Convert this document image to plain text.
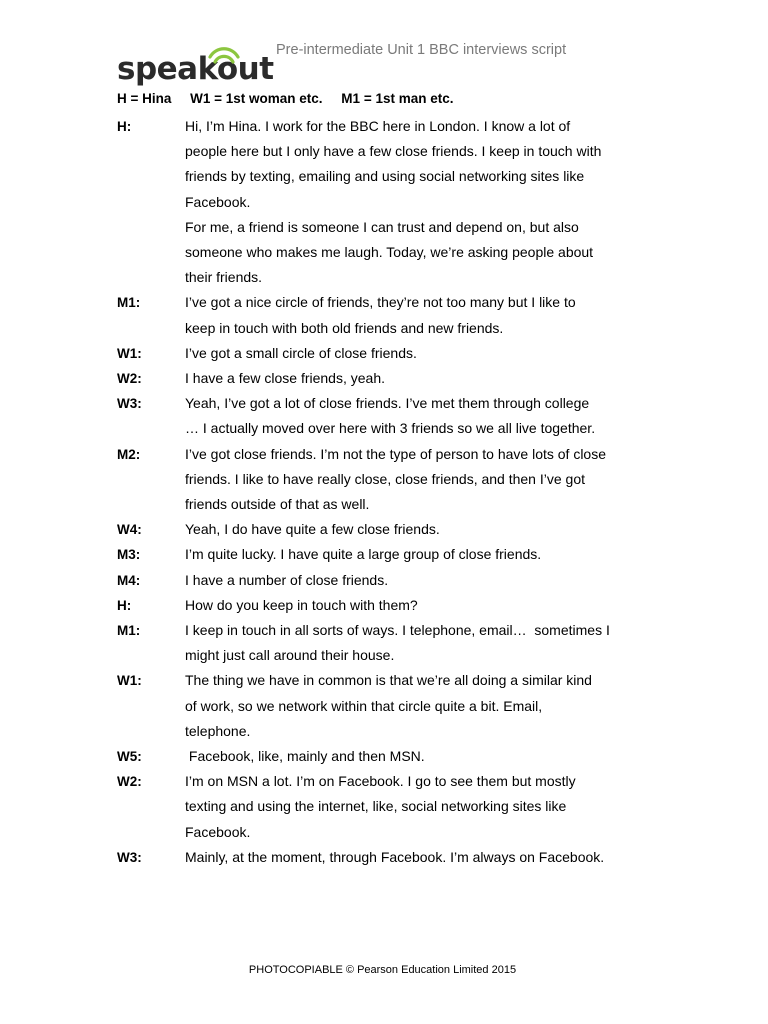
speakout
Pre-intermediate Unit 1 BBC interviews script
H = Hina     W1 = 1st woman etc.     M1 = 1st man etc.
H:	Hi, I’m Hina. I work for the BBC here in London. I know a lot of
people here but I only have a few close friends. I keep in touch with
friends by texting, emailing and using social networking sites like
Facebook.
For me, a friend is someone I can trust and depend on, but also
someone who makes me laugh. Today, we’re asking people about
their friends.
M1:	I’ve got a nice circle of friends, they’re not too many but I like to
keep in touch with both old friends and new friends.
W1:	I’ve got a small circle of close friends.
W2:	I have a few close friends, yeah.
W3:	Yeah, I’ve got a lot of close friends. I’ve met them through college
… I actually moved over here with 3 friends so we all live together.
M2:	I’ve got close friends. I’m not the type of person to have lots of close
friends. I like to have really close, close friends, and then I’ve got
friends outside of that as well.
W4:	Yeah, I do have quite a few close friends.
M3:	I’m quite lucky. I have quite a large group of close friends.
M4:	I have a number of close friends.
H:	How do you keep in touch with them?
M1:	I keep in touch in all sorts of ways. I telephone, email…  sometimes I
might just call around their house.
W1:	The thing we have in common is that we’re all doing a similar kind
of work, so we network within that circle quite a bit. Email,
telephone.
W5:	Facebook, like, mainly and then MSN.
W2:	I’m on MSN a lot. I’m on Facebook. I go to see them but mostly
texting and using the internet, like, social networking sites like
Facebook.
W3:	Mainly, at the moment, through Facebook. I’m always on Facebook.
PHOTOCOPIABLE © Pearson Education Limited 2015
